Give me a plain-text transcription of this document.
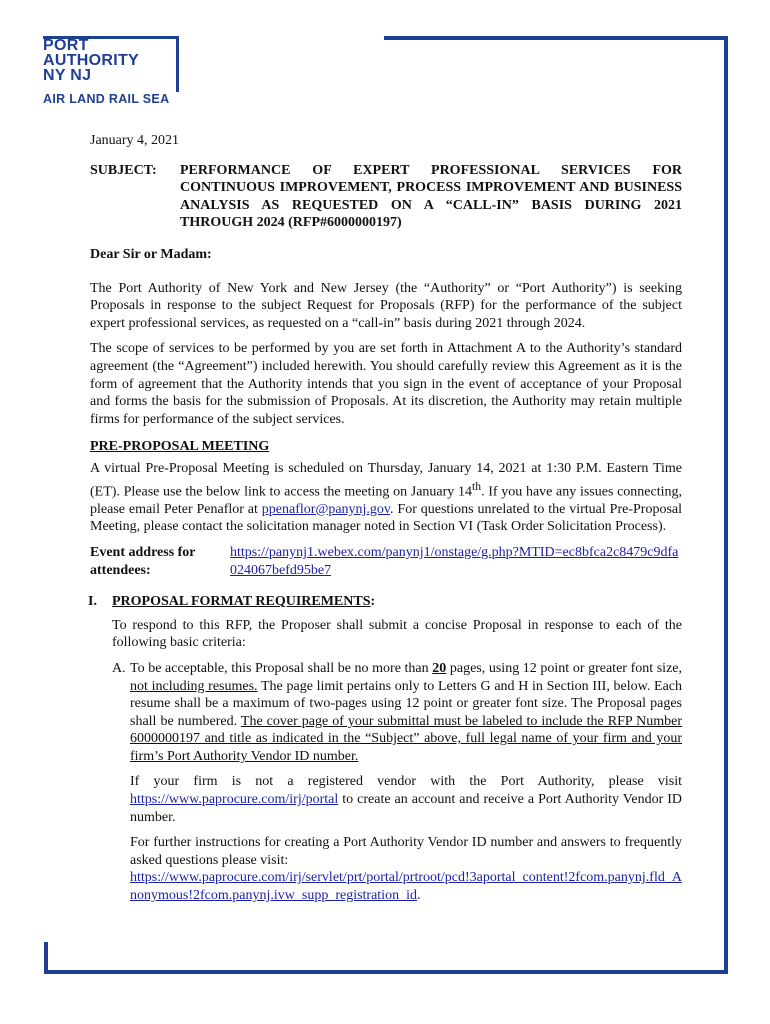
PORT
AUTHORITY
NY NJ
AIR LAND RAIL SEA
January 4, 2021
SUBJECT:	PERFORMANCE OF EXPERT PROFESSIONAL SERVICES FOR CONTINUOUS IMPROVEMENT, PROCESS IMPROVEMENT AND BUSINESS ANALYSIS AS REQUESTED ON A “CALL-IN” BASIS DURING 2021 THROUGH 2024 (RFP#6000000197)
Dear Sir or Madam:

The Port Authority of New York and New Jersey (the “Authority” or “Port Authority”) is seeking Proposals in response to the subject Request for Proposals (RFP) for the performance of the subject expert professional services, as requested on a “call-in” basis during 2021 through 2024.

The scope of services to be performed by you are set forth in Attachment A to the Authority’s standard agreement (the “Agreement”) included herewith. You should carefully review this Agreement as it is the form of agreement that the Authority intends that you sign in the event of acceptance of your Proposal and forms the basis for the submission of Proposals. At its discretion, the Authority may retain multiple firms for performance of the subject services.

PRE-PROPOSAL MEETING

A virtual Pre-Proposal Meeting is scheduled on Thursday, January 14, 2021 at 1:30 P.M. Eastern Time (ET). Please use the below link to access the meeting on January 14th. If you have any issues connecting, please email Peter Penaflor at ppenaflor@panynj.gov. For questions unrelated to the virtual Pre-Proposal Meeting, please contact the solicitation manager noted in Section VI (Task Order Solicitation Process).

Event address for attendees:
https://panynj1.webex.com/panynj1/onstage/g.php?MTID=ec8bfca2c8479c9dfa024067befd95be7
I.	PROPOSAL FORMAT REQUIREMENTS:

To respond to this RFP, the Proposer shall submit a concise Proposal in response to each of the following basic criteria:

A. To be acceptable, this Proposal shall be no more than 20 pages, using 12 point or greater font size, not including resumes. The page limit pertains only to Letters G and H in Section III, below. Each resume shall be a maximum of two-pages using 12 point or greater font size. The Proposal pages shall be numbered. The cover page of your submittal must be labeled to include the RFP Number 6000000197 and title as indicated in the “Subject” above, full legal name of your firm and your firm’s Port Authority Vendor ID number.

If your firm is not a registered vendor with the Port Authority, please visit https://www.paprocure.com/irj/portal to create an account and receive a Port Authority Vendor ID number.

For further instructions for creating a Port Authority Vendor ID number and answers to frequently asked questions please visit:
https://www.paprocure.com/irj/servlet/prt/portal/prtroot/pcd!3aportal_content!2fcom.panynj.fld_Anonymous!2fcom.panynj.ivw_supp_registration_id.
